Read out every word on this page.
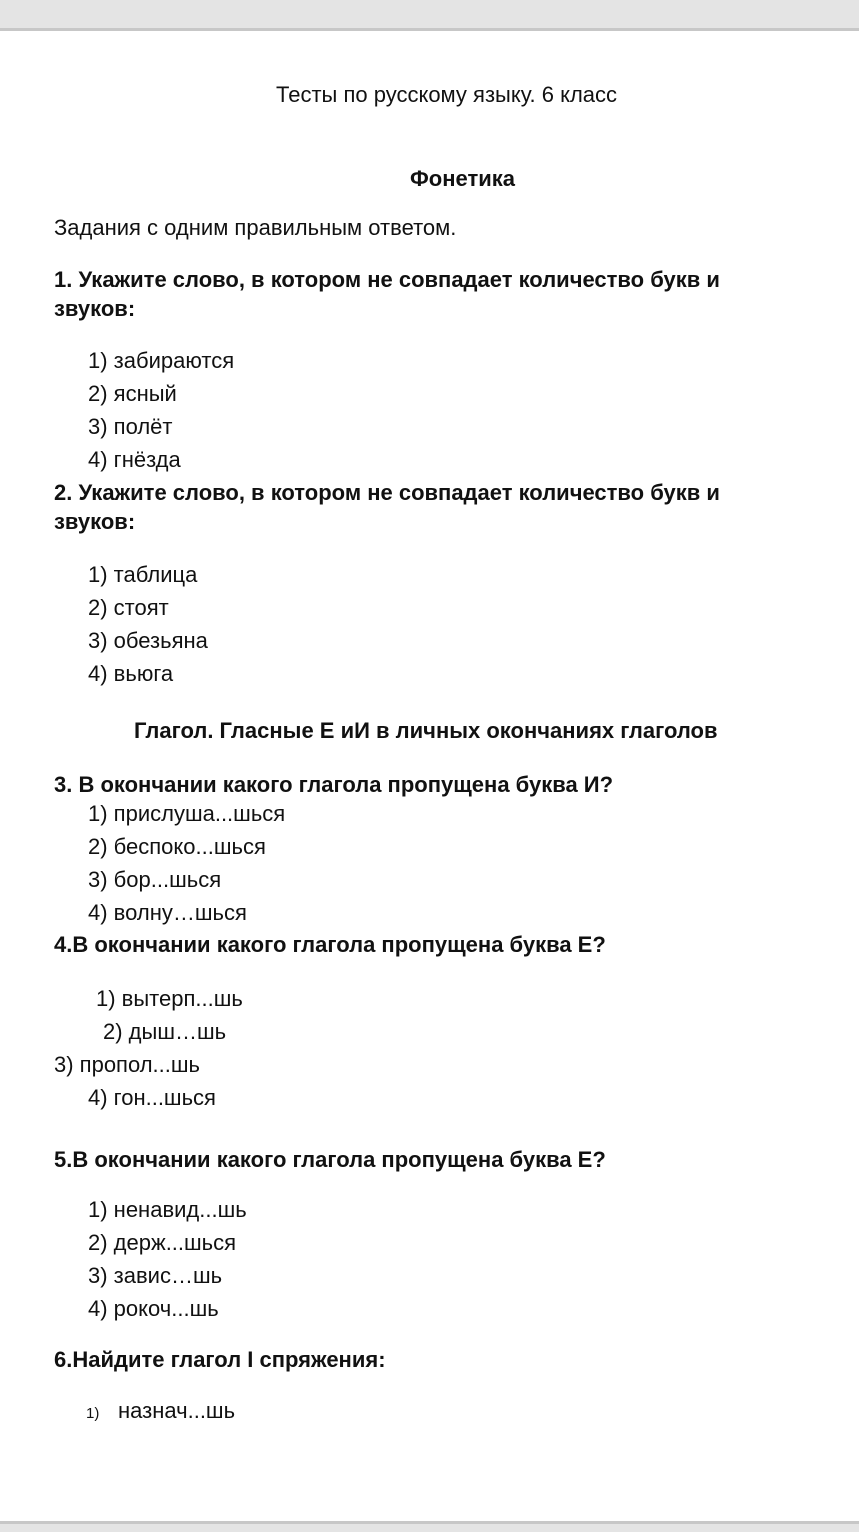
Тесты по русскому языку. 6 класс
Фонетика
Задания с одним правильным ответом.
1. Укажите слово, в котором не совпадает количество букв и
звуков:
1) забираются
2) ясный
3) полёт
4) гнёзда
2. Укажите слово, в котором не совпадает количество букв и
звуков:
1) таблица
2) стоят
3) обезьяна
4) вьюга
Глагол. Гласные Е иИ в личных окончаниях глаголов
3. В окончании какого глагола пропущена буква И?
1) прислуша...шься
2) беспоко...шься
3) бор...шься
4) волну…шься
4.В окончании какого глагола пропущена буква Е?
1) вытерп...шь
2) дыш…шь
3) пропол...шь
4) гон...шься
5.В окончании какого глагола пропущена буква Е?
1) ненавид...шь
2) держ...шься
3) завис…шь
4) рокоч...шь
6.Найдите глагол I спряжения:
1) назнач...шь
